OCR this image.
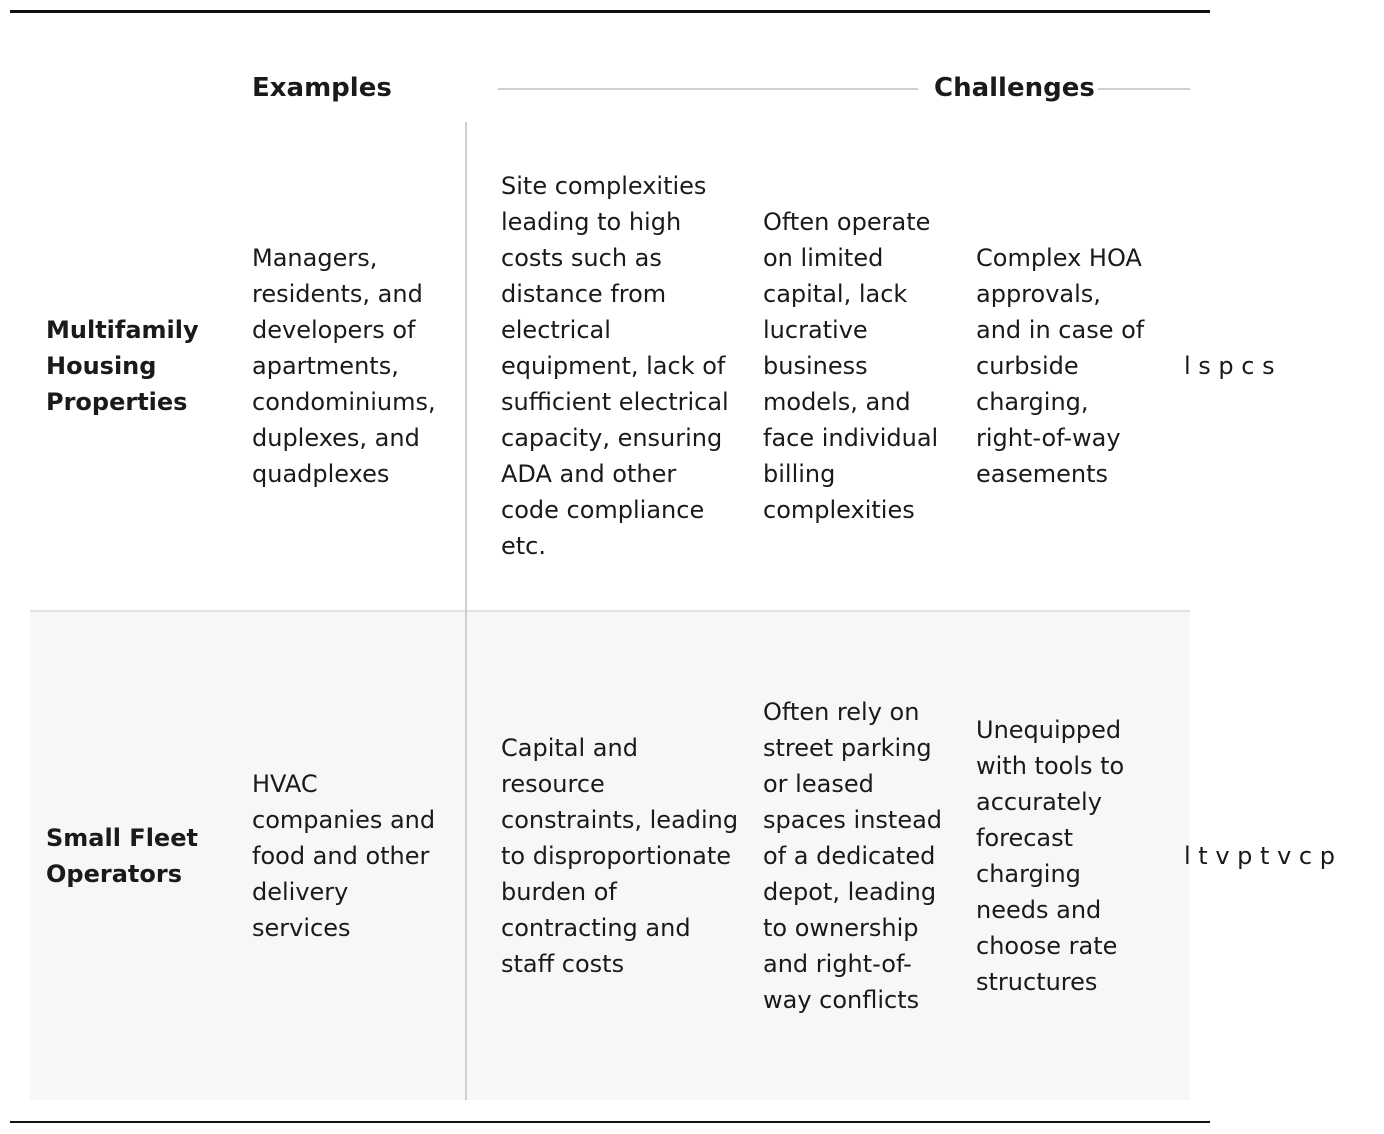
Examples	Challenges
Multifamily Housing Properties
Managers, residents, and developers of apartments, condominiums, duplexes, and quadplexes
Site complexities leading to high costs such as distance from electrical equipment, lack of sufficient electrical capacity, ensuring ADA and other code compliance etc.
Often operate on limited capital, lack lucrative business models, and face individual billing complexities
Complex HOA approvals, and in case of curbside charging, right-of-way easements
l s p c s
Small Fleet Operators
HVAC companies and food and other delivery services
Capital and resource constraints, leading to disproportionate burden of contracting and staff costs
Often rely on street parking or leased spaces instead of a dedicated depot, leading to ownership and right-of-way conflicts
Unequipped with tools to accurately forecast charging needs and choose rate structures
l t v p t v c p
